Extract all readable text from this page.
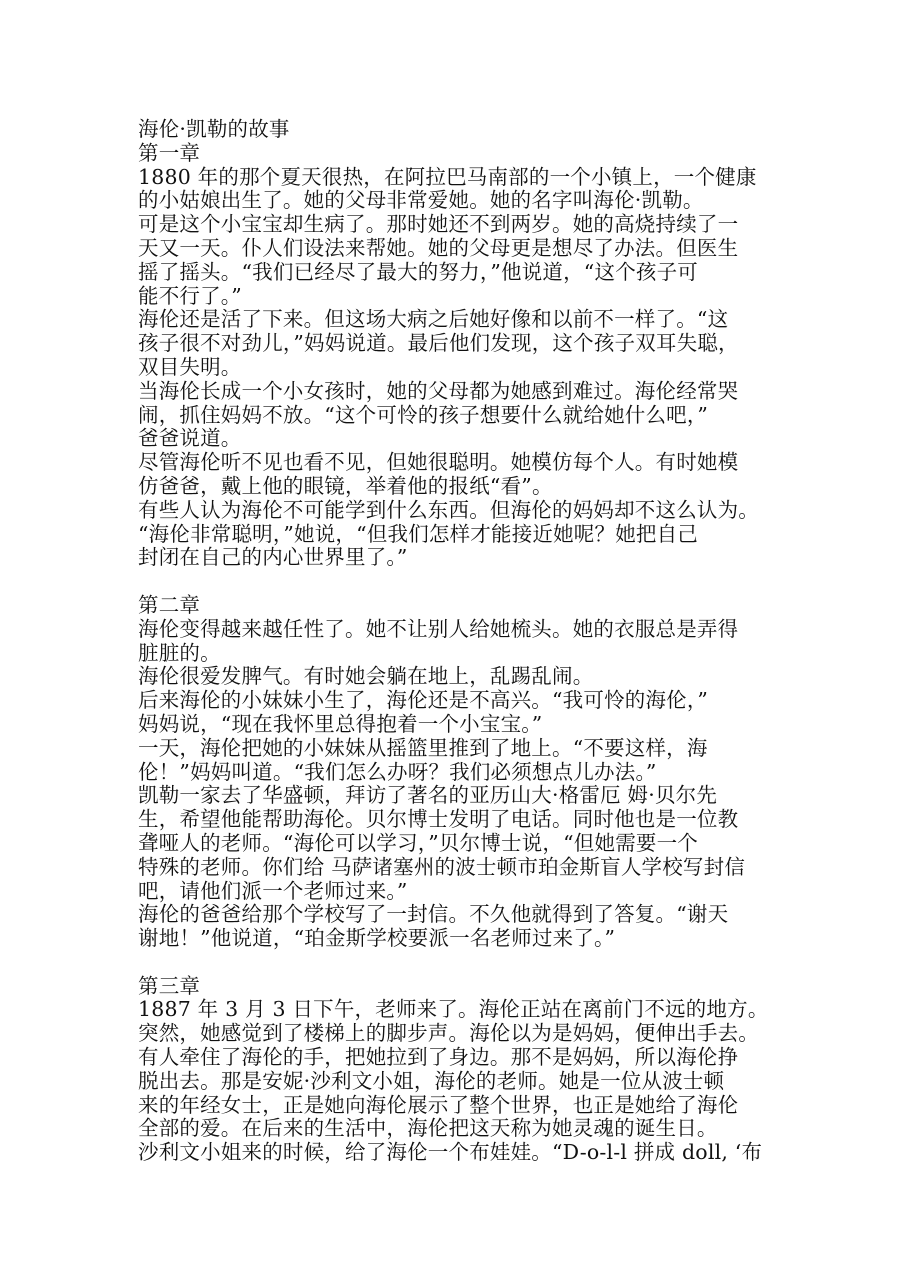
海伦·凯勒的故事
第一章
1880 年的那个夏天很热，在阿拉巴马南部的一个小镇上，一个健康
的小姑娘出生了。她的父母非常爱她。她的名字叫海伦·凯勒。
可是这个小宝宝却生病了。那时她还不到两岁。她的高烧持续了一
天又一天。仆人们设法来帮她。她的父母更是想尽了办法。但医生
摇了摇头。“我们已经尽了最大的努力，”他说道，“这个孩子可
能不行了。”
海伦还是活了下来。但这场大病之后她好像和以前不一样了。“这
孩子很不对劲儿，”妈妈说道。最后他们发现，这个孩子双耳失聪，
双目失明。
当海伦长成一个小女孩时，她的父母都为她感到难过。海伦经常哭
闹，抓住妈妈不放。“这个可怜的孩子想要什么就给她什么吧，”
爸爸说道。
尽管海伦听不见也看不见，但她很聪明。她模仿每个人。有时她模
仿爸爸，戴上他的眼镜，举着他的报纸“看”。
有些人认为海伦不可能学到什么东西。但海伦的妈妈却不这么认为。
“海伦非常聪明，”她说，“但我们怎样才能接近她呢？她把自己
封闭在自己的内心世界里了。”
第二章
海伦变得越来越任性了。她不让别人给她梳头。她的衣服总是弄得
脏脏的。
海伦很爱发脾气。有时她会躺在地上，乱踢乱闹。
后来海伦的小妹妹小生了，海伦还是不高兴。“我可怜的海伦，”
妈妈说，“现在我怀里总得抱着一个小宝宝。”
一天，海伦把她的小妹妹从摇篮里推到了地上。“不要这样，海
伦！”妈妈叫道。“我们怎么办呀？我们必须想点儿办法。”
凯勒一家去了华盛顿，拜访了著名的亚历山大·格雷厄 姆·贝尔先
生，希望他能帮助海伦。贝尔博士发明了电话。同时他也是一位教
聋哑人的老师。“海伦可以学习，”贝尔博士说，“但她需要一个
特殊的老师。你们给 马萨诸塞州的波士顿市珀金斯盲人学校写封信
吧，请他们派一个老师过来。”
海伦的爸爸给那个学校写了一封信。不久他就得到了答复。“谢天
谢地！”他说道，“珀金斯学校要派一名老师过来了。”
第三章
1887 年 3 月 3 日下午，老师来了。海伦正站在离前门不远的地方。
突然，她感觉到了楼梯上的脚步声。海伦以为是妈妈，便伸出手去。
有人牵住了海伦的手，把她拉到了身边。那不是妈妈，所以海伦挣
脱出去。那是安妮·沙利文小姐，海伦的老师。她是一位从波士顿
来的年经女士，正是她向海伦展示了整个世界，也正是她给了海伦
全部的爱。在后来的生活中，海伦把这天称为她灵魂的诞生日。
沙利文小姐来的时候，给了海伦一个布娃娃。“D-o-l-l 拼成 doll, ‘布
